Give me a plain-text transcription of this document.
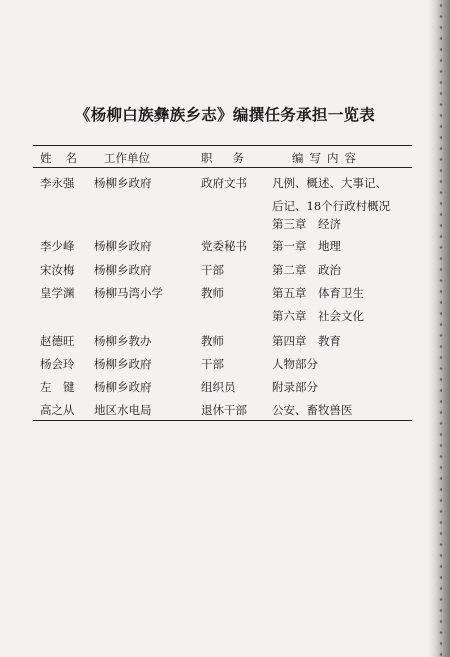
《杨柳白族彝族乡志》编撰任务承担一览表
姓名 工作单位	职务 编写内容
李永强 杨柳乡政府	政府文书 凡例、概述、大事记、
后记、18个行政村概况
第三章　经济
李少峰 杨柳乡政府	党委秘书 第一章　地理
宋汝梅 杨柳乡政府	干部	第二章　政治
皇学渊 杨柳马湾小学	教师	第五章　体育卫生
第六章　社会文化
赵德旺 杨柳乡教办	教师	第四章　教育
杨会玲 杨柳乡政府	干部	人物部分
左　键 杨柳乡政府	组织员	附录部分
高之从 地区水电局	退休干部 公安、畜牧兽医
